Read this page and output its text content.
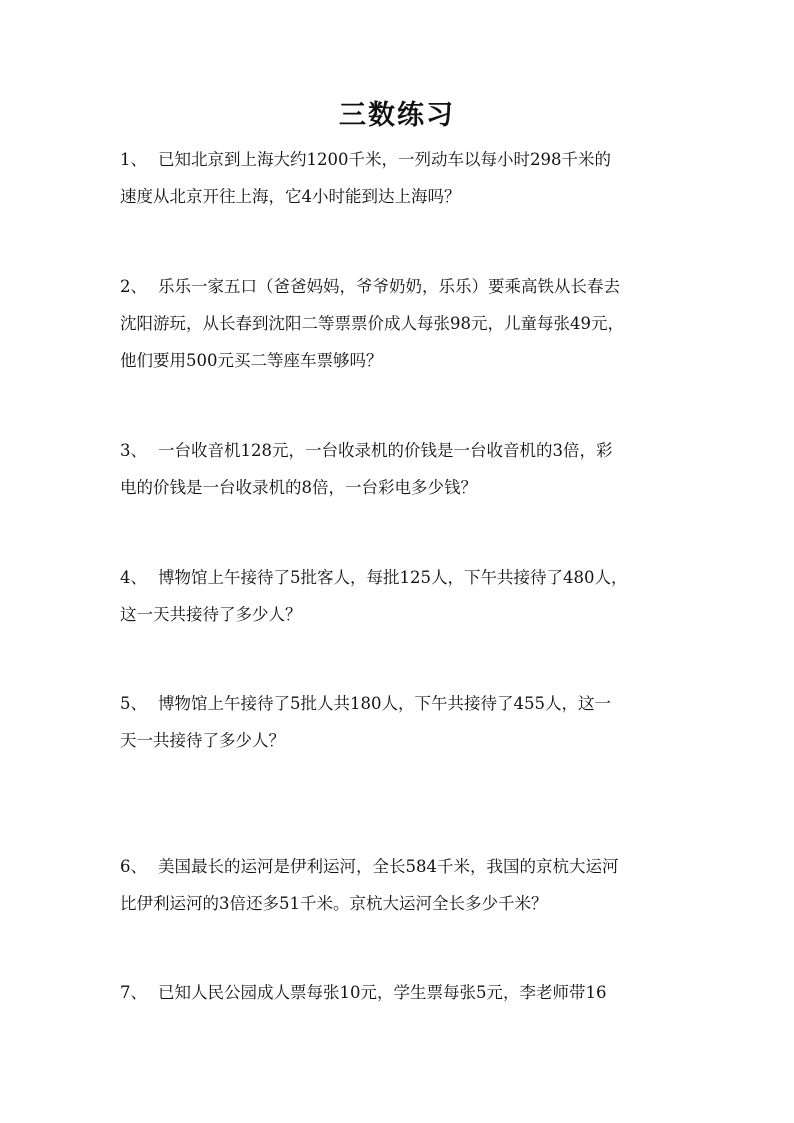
三数练习
1、 已知北京到上海大约1200千米，一列动车以每小时298千米的
速度从北京开往上海，它4小时能到达上海吗？
2、 乐乐一家五口（爸爸妈妈，爷爷奶奶，乐乐）要乘高铁从长春去
沈阳游玩，从长春到沈阳二等票票价成人每张98元，儿童每张49元，
他们要用500元买二等座车票够吗？
3、 一台收音机128元，一台收录机的价钱是一台收音机的3倍，彩
电的价钱是一台收录机的8倍，一台彩电多少钱？
4、 博物馆上午接待了5批客人，每批125人，下午共接待了480人，
这一天共接待了多少人？
5、 博物馆上午接待了5批人共180人，下午共接待了455人，这一
天一共接待了多少人？
6、 美国最长的运河是伊利运河，全长584千米，我国的京杭大运河
比伊利运河的3倍还多51千米。京杭大运河全长多少千米？
7、 已知人民公园成人票每张10元，学生票每张5元，李老师带16
